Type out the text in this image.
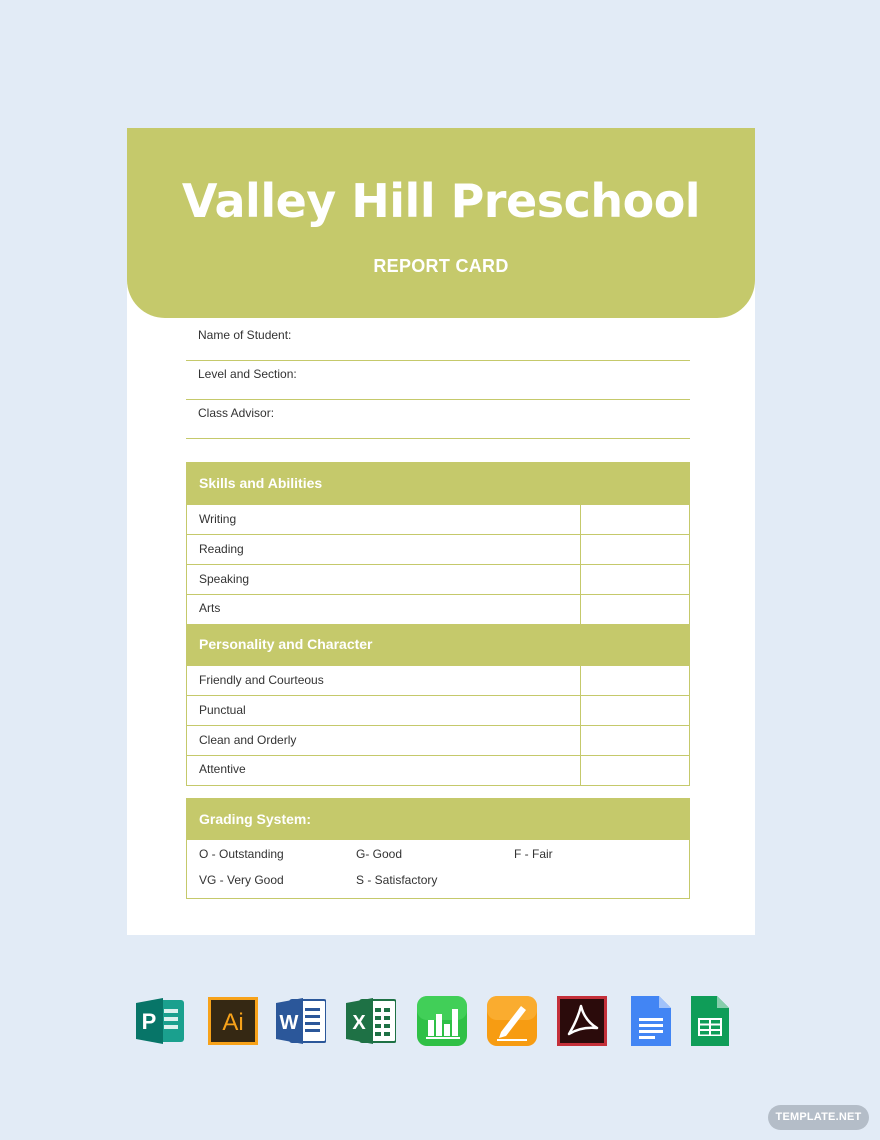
Valley Hill Preschool
REPORT CARD
Name of Student:
Level and Section:
Class Advisor:
Skills and Abilities
Writing
Reading
Speaking
Arts
Personality and Character
Friendly and Courteous
Punctual
Clean and Orderly
Attentive
Grading System:
O - Outstanding	G- Good	F - Fair
VG - Very Good	S - Satisfactory
P	Ai W	X
TEMPLATE.NET
